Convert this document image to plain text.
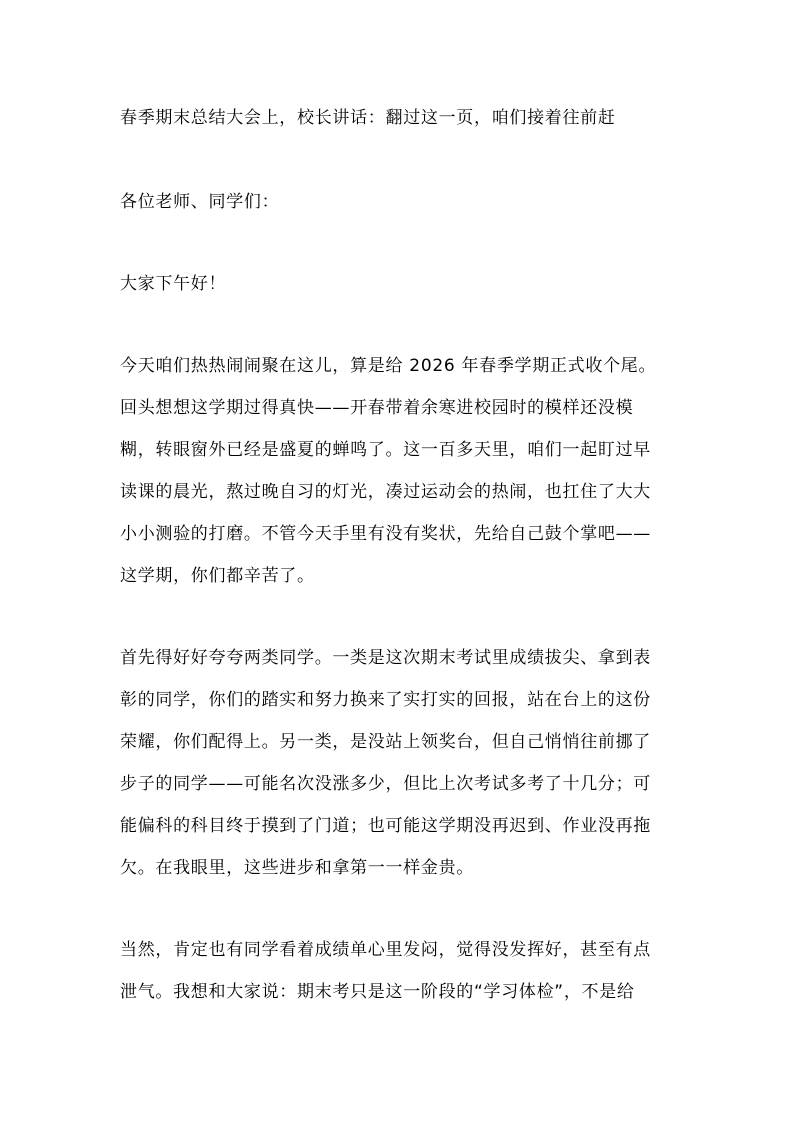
春季期末总结大会上，校长讲话：翻过这一页，咱们接着往前赶
各位老师、同学们：
大家下午好！
今天咱们热热闹闹聚在这儿，算是给 2026 年春季学期正式收个尾。
回头想想这学期过得真快——开春带着余寒进校园时的模样还没模
糊，转眼窗外已经是盛夏的蝉鸣了。这一百多天里，咱们一起盯过早
读课的晨光，熬过晚自习的灯光，凑过运动会的热闹，也扛住了大大
小小测验的打磨。不管今天手里有没有奖状，先给自己鼓个掌吧——
这学期，你们都辛苦了。
首先得好好夸夸两类同学。一类是这次期末考试里成绩拔尖、拿到表
彰的同学，你们的踏实和努力换来了实打实的回报，站在台上的这份
荣耀，你们配得上。另一类，是没站上领奖台，但自己悄悄往前挪了
步子的同学——可能名次没涨多少，但比上次考试多考了十几分；可
能偏科的科目终于摸到了门道；也可能这学期没再迟到、作业没再拖
欠。在我眼里，这些进步和拿第一一样金贵。
当然，肯定也有同学看着成绩单心里发闷，觉得没发挥好，甚至有点
泄气。我想和大家说：期末考只是这一阶段的“学习体检”，不是给
